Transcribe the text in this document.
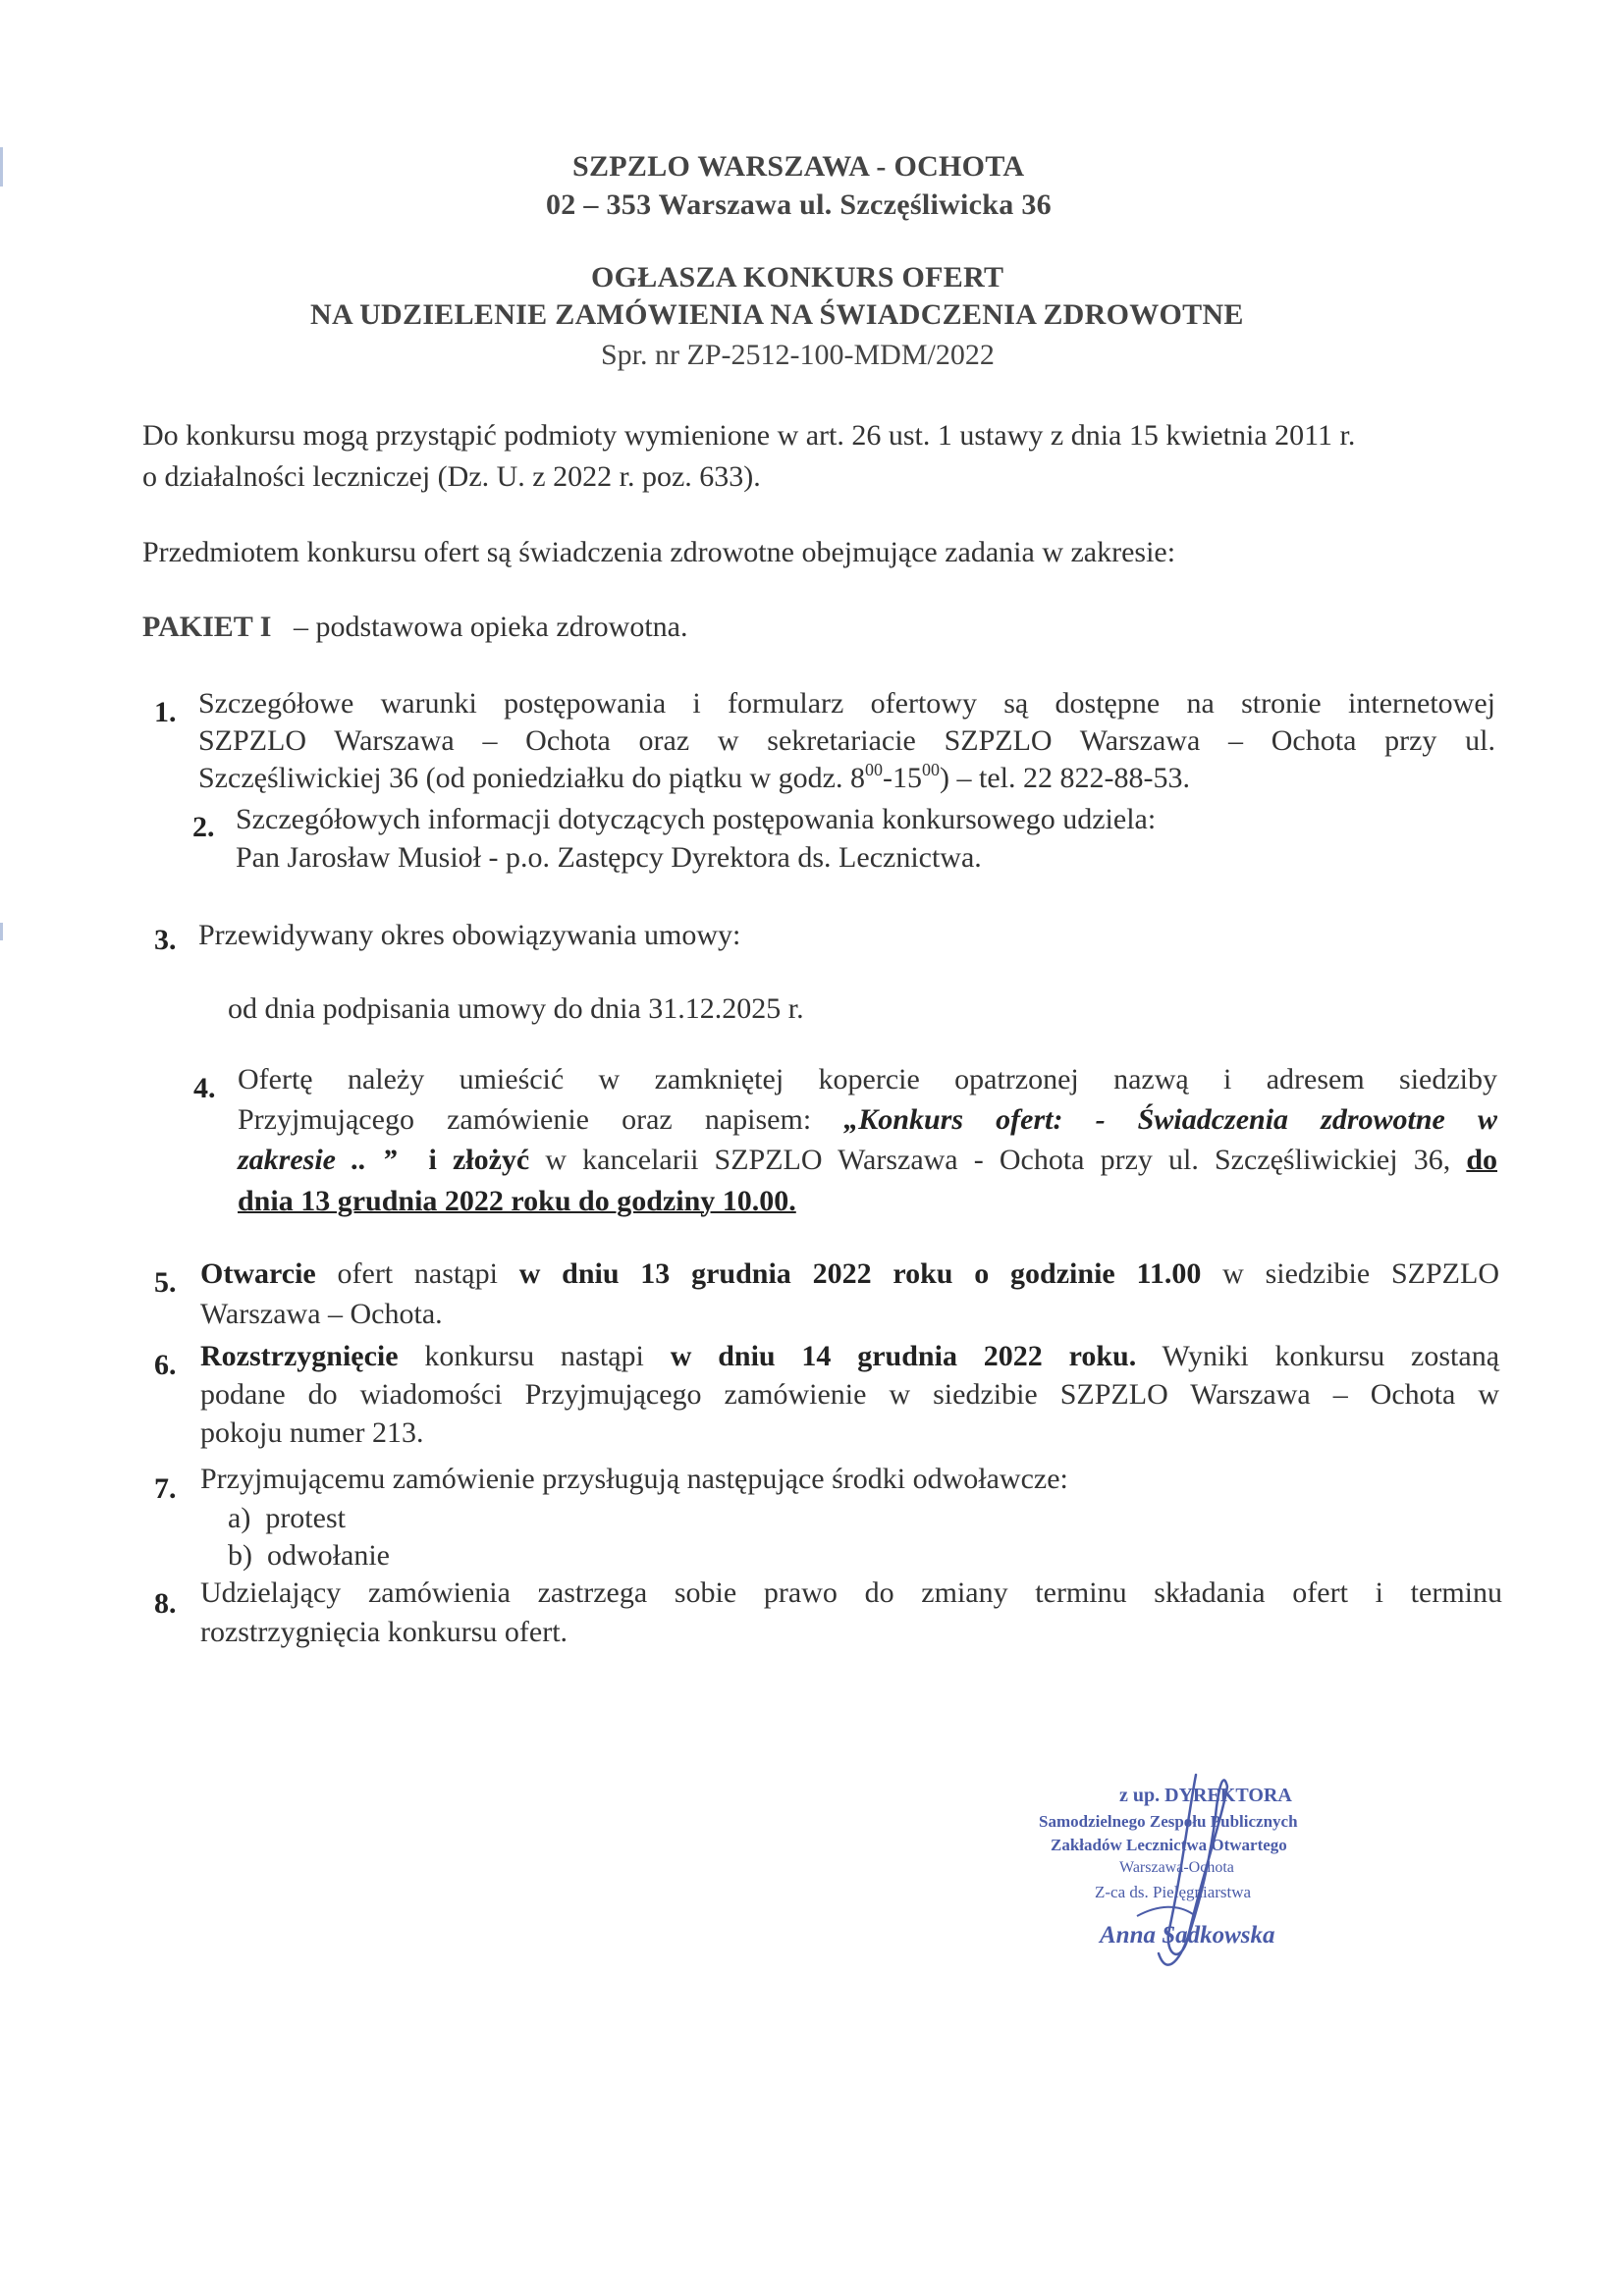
SZPZLO WARSZAWA - OCHOTA
02 – 353 Warszawa ul. Szczęśliwicka 36
OGŁASZA KONKURS OFERT
NA UDZIELENIE ZAMÓWIENIA NA ŚWIADCZENIA ZDROWOTNE
Spr. nr ZP-2512-100-MDM/2022
Do konkursu mogą przystąpić podmioty wymienione w art. 26 ust. 1 ustawy z dnia 15 kwietnia 2011 r.
o działalności leczniczej (Dz. U. z 2022 r. poz. 633).
Przedmiotem konkursu ofert są świadczenia zdrowotne obejmujące zadania w zakresie:
PAKIET I – podstawowa opieka zdrowotna.
1. Szczegółowe warunki postępowania i formularz ofertowy są dostępne na stronie internetowej
SZPZLO Warszawa – Ochota oraz w sekretariacie SZPZLO Warszawa – Ochota przy ul.
Szczęśliwickiej 36 (od poniedziałku do piątku w godz. $8^{00}-15^{00}$) – tel. 22 822-88-53.
2. Szczegółowych informacji dotyczących postępowania konkursowego udziela:
Pan Jarosław Musioł - p.o. Zastępcy Dyrektora ds. Lecznictwa.
3. Przewidywany okres obowiązywania umowy:
od dnia podpisania umowy do dnia 31.12.2025 r.
4. Ofertę należy umieścić w zamkniętej kopercie opatrzonej nazwą i adresem siedziby
Przyjmującego zamówienie oraz napisem: „Konkurs ofert: - Świadczenia zdrowotne w
zakresie .. ” i złożyć w kancelarii SZPZLO Warszawa - Ochota przy ul. Szczęśliwickiej 36, do
dnia 13 grudnia 2022 roku do godziny 10.00.
5. Otwarcie ofert nastąpi w dniu 13 grudnia 2022 roku o godzinie 11.00 w siedzibie SZPZLO
Warszawa – Ochota.
6. Rozstrzygnięcie konkursu nastąpi w dniu 14 grudnia 2022 roku. Wyniki konkursu zostaną
podane do wiadomości Przyjmującego zamówienie w siedzibie SZPZLO Warszawa – Ochota w
pokoju numer 213.
7. Przyjmującemu zamówienie przysługują następujące środki odwoławcze:
a) protest
b) odwołanie
8. Udzielający zamówienia zastrzega sobie prawo do zmiany terminu składania ofert i terminu
rozstrzygnięcia konkursu ofert.
z up. DYREKTORA
Samodzielnego Zespołu Publicznych
Zakładów Lecznictwa Otwartego
Warszawa-Ochota
Z-ca ds. Pielęgniarstwa
Anna Sadkowska
